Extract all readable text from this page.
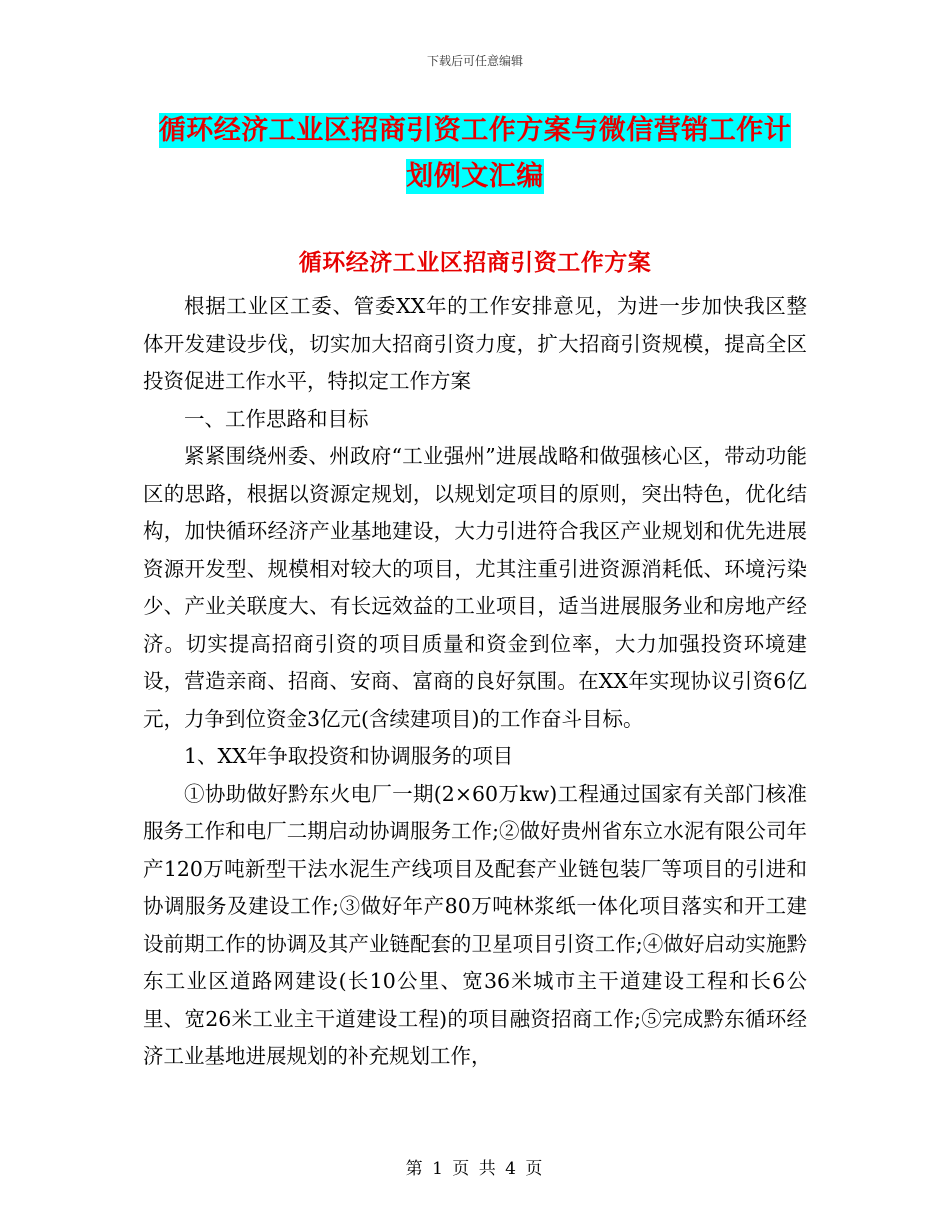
下载后可任意编辑
循环经济工业区招商引资工作方案与微信营销工作计
划例文汇编
循环经济工业区招商引资工作方案

根据工业区工委、管委XX年的工作安排意见，为进一步加快我区整体开发建设步伐，切实加大招商引资力度，扩大招商引资规模，提高全区投资促进工作水平，特拟定工作方案

一、工作思路和目标

紧紧围绕州委、州政府“工业强州”进展战略和做强核心区，带动功能区的思路，根据以资源定规划，以规划定项目的原则，突出特色，优化结构，加快循环经济产业基地建设，大力引进符合我区产业规划和优先进展资源开发型、规模相对较大的项目，尤其注重引进资源消耗低、环境污染少、产业关联度大、有长远效益的工业项目，适当进展服务业和房地产经济。切实提高招商引资的项目质量和资金到位率，大力加强投资环境建设，营造亲商、招商、安商、富商的良好氛围。在XX年实现协议引资6亿元，力争到位资金3亿元(含续建项目)的工作奋斗目标。

1、XX年争取投资和协调服务的项目

①协助做好黔东火电厂一期(2×60万kw)工程通过国家有关部门核准服务工作和电厂二期启动协调服务工作;②做好贵州省东立水泥有限公司年产120万吨新型干法水泥生产线项目及配套产业链包装厂等项目的引进和协调服务及建设工作;③做好年产80万吨林浆纸一体化项目落实和开工建设前期工作的协调及其产业链配套的卫星项目引资工作;④做好启动实施黔东工业区道路网建设(长10公里、宽36米城市主干道建设工程和长6公里、宽26米工业主干道建设工程)的项目融资招商工作;⑤完成黔东循环经济工业基地进展规划的补充规划工作，

第 1 页 共 4 页
